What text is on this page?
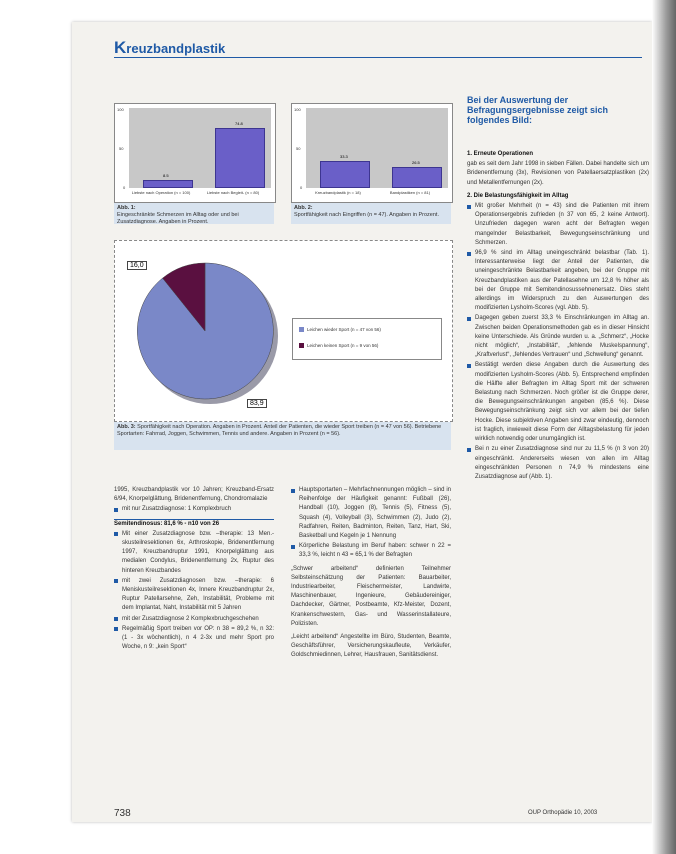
Kreuzbandplastik
8.5
74.8
100
50
0
Liebste nach Operation (n = 100)	Liebste nach Begleit- (n = 80)
Abb. 1:
Eingeschränkte Schmerzen im Alltag oder und bei Zusatzdiagnose. Angaben in Prozent.
33.3
26.5
100
50
0
Kreuzbandplastik (n = 18)	Bandplastiken (n = 81)
Abb. 2:
Sportfähigkeit nach Eingriffen (n = 47). Angaben in Prozent.
16,0
83,9
Leichen wieder Sport (n = 47 von 56)
Leichen keinen Sport (n = 9 von 56)
Abb. 3: Sportfähigkeit nach Operation. Angaben in Prozent. Anteil der Patienten, die wieder Sport treiben (n = 47 von 56). Betriebene Sportarten: Fahrrad, Joggen, Schwimmen, Tennis und andere. Angaben in Prozent (n = 56).
Bei der Auswertung der Befragungsergebnisse zeigt sich folgendes Bild:

1. Erneute Operationen

gab es seit dem Jahr 1998 in sieben Fällen. Dabei handelte sich um Bridenentfernung (3x), Revisionen von Patellaersatzplastiken (2x) und Metallentfernungen (2x).

2. Die Belastungsfähigkeit im Alltag

Mit großer Mehrheit (n = 43) sind die Patienten mit ihrem Operationsergebnis zufrieden (n 37 von 65, 2 keine Antwort). Unzufrieden dagegen waren acht der Befragten wegen mangelnder Belastbarkeit, Bewegungseinschränkung und Schmerzen.

96,9 % sind im Alltag uneingeschränkt belastbar (Tab. 1). Interessanterweise liegt der Anteil der Patienten, die uneingeschränkte Belastbarkeit angeben, bei der Gruppe mit Kreuzbandplastiken aus der Patellasehne um 12,8 % höher als bei der Gruppe mit Semitendinosussehnenersatz. Dies steht allerdings im Widerspruch zu den Auswertungen des modifizierten Lysholm-Scores (vgl. Abb. 5).

Dagegen geben zuerst 33,3 % Einschränkungen im Alltag an. Zwischen beiden Operationsmethoden gab es in dieser Hinsicht keine Unterschiede. Als Gründe wurden u. a. „Schmerz“, „Hocke nicht möglich“, „Instabilität“, „fehlende Muskelspannung“, „Kraftverlust“, „fehlendes Vertrauen“ und „Schwellung“ genannt.

Bestätigt werden diese Angaben durch die Auswertung des modifizierten Lysholm-Scores (Abb. 5). Entsprechend empfinden die Hälfte aller Befragten im Alltag Sport mit der schweren Belastung nach Schmerzen. Noch größer ist die Gruppe derer, die Bewegungseinschränkungen angeben (85,6 %). Diese Bewegungseinschränkung zeigt sich vor allem bei der tiefen Hocke. Diese subjektiven Angaben sind zwar eindeutig, dennoch ist fraglich, inwieweit diese Form der Alltagsbelastung für jeden wirklich notwendig oder unumgänglich ist.

Bei n zu einer Zusatzdiagnose sind nur zu 11,5 % (n 3 von 20) eingeschränkt. Andererseits wiesen von allen im Alltag eingeschränkten Personen n 74,9 % mindestens eine Zusatzdiagnose auf (Abb. 1).

1995, Kreuzbandplastik vor 10 Jahren; Kreuzband-Ersatz 6/94, Knorpelglättung, Bridenentfernung, Chondromalazie

mit nur Zusatzdiagnose: 1 Komplexbruch

Semitendinosus: 81,6 % - n10 von 26

Mit einer Zusatzdiagnose bzw. –therapie: 13 Men.-skusteilresektionen 6x, Arthroskopie, Bridenentfernung 1997, Kreuzbandruptur 1991, Knorpelglättung aus medialen Condylus, Bridenentfernung 2x, Ruptur des hinteren Kreuzbandes

mit zwei Zusatzdiagnosen bzw. –therapie: 6 Meniskusteilresektionen 4x, Innere Kreuzbandruptur 2x, Ruptur Patellarsehne, Zeh, Instabilität, Probleme mit dem Implantat, Naht, Instabilität mit 5 Jahren

mit der Zusatzdiagnose 2 Komplexbruchgeschehen

Regelmäßig Sport treiben vor OP: n 38 = 89,2 %, n 32: (1 - 3x wöchentlich), n 4 2-3x und mehr Sport pro Woche, n 9: „kein Sport“

Hauptsportarten – Mehrfachnennungen möglich – sind in Reihenfolge der Häufigkeit genannt: Fußball (26), Handball (10), Joggen (8), Tennis (5), Fitness (5), Squash (4), Volleyball (3), Schwimmen (2), Judo (2), Radfahren, Reiten, Badminton, Reiten, Tanz, Hart, Ski, Basketball und Kegeln je 1 Nennung

Körperliche Belastung im Beruf haben: schwer n 22 = 33,3 %, leicht n 43 = 65,1 % der Befragten

„Schwer arbeitend“ definierten Teilnehmer Selbsteinschätzung der Patienten: Bauarbeiter, Industriearbeiter, Fleischermeister, Landwirte, Maschinenbauer, Ingenieure, Gebäudereiniger, Dachdecker, Gärtner, Postbeamte, Kfz-Meister, Dozent, Krankenschwestern, Gas- und Wasserinstallateure, Polizisten.

„Leicht arbeitend“ Angestellte im Büro, Studenten, Beamte, Geschäftsführer, Versicherungskaufleute, Verkäufer, Goldschmiedinnen, Lehrer, Hausfrauen, Sanitätsdienst.

738	OUP Orthopädie 10, 2003
